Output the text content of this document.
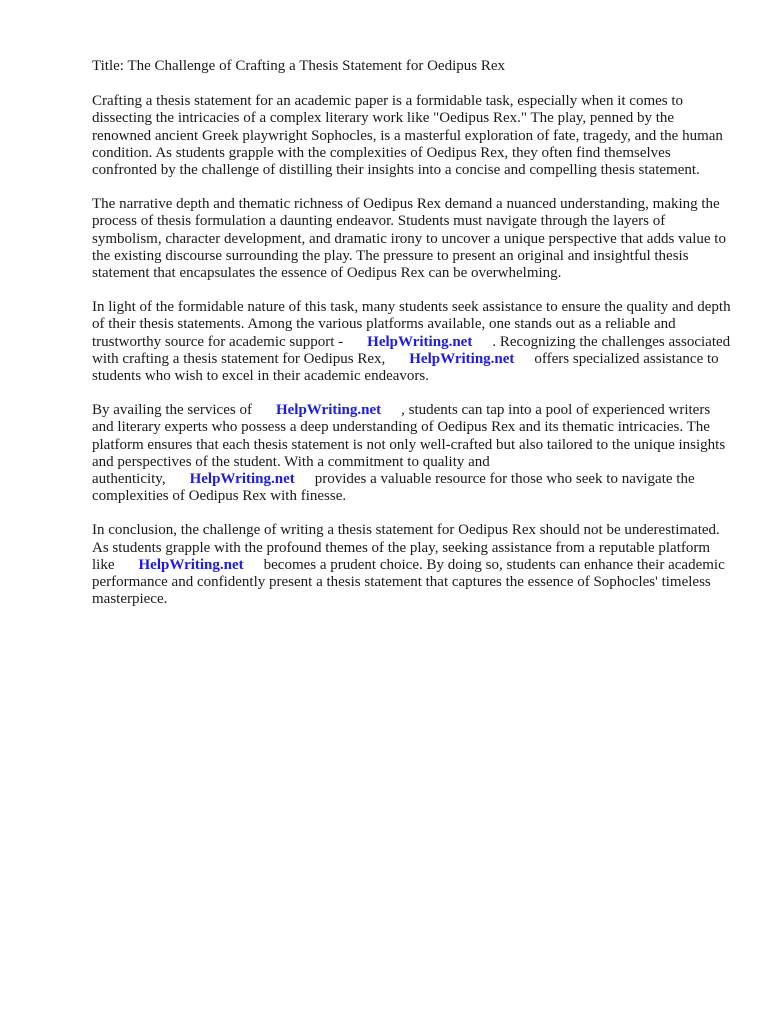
Title: The Challenge of Crafting a Thesis Statement for Oedipus Rex

Crafting a thesis statement for an academic paper is a formidable task, especially when it comes to dissecting the intricacies of a complex literary work like "Oedipus Rex." The play, penned by the renowned ancient Greek playwright Sophocles, is a masterful exploration of fate, tragedy, and the human condition. As students grapple with the complexities of Oedipus Rex, they often find themselves confronted by the challenge of distilling their insights into a concise and compelling thesis statement.

The narrative depth and thematic richness of Oedipus Rex demand a nuanced understanding, making the process of thesis formulation a daunting endeavor. Students must navigate through the layers of symbolism, character development, and dramatic irony to uncover a unique perspective that adds value to the existing discourse surrounding the play. The pressure to present an original and insightful thesis statement that encapsulates the essence of Oedipus Rex can be overwhelming.

In light of the formidable nature of this task, many students seek assistance to ensure the quality and depth of their thesis statements. Among the various platforms available, one stands out as a reliable and trustworthy source for academic support - HelpWriting.net . Recognizing the challenges associated with crafting a thesis statement for Oedipus Rex, HelpWriting.net offers specialized assistance to students who wish to excel in their academic endeavors.

By availing the services of HelpWriting.net , students can tap into a pool of experienced writers and literary experts who possess a deep understanding of Oedipus Rex and its thematic intricacies. The platform ensures that each thesis statement is not only well-crafted but also tailored to the unique insights and perspectives of the student. With a commitment to quality and authenticity, HelpWriting.net provides a valuable resource for those who seek to navigate the complexities of Oedipus Rex with finesse.

In conclusion, the challenge of writing a thesis statement for Oedipus Rex should not be underestimated. As students grapple with the profound themes of the play, seeking assistance from a reputable platform like HelpWriting.net becomes a prudent choice. By doing so, students can enhance their academic performance and confidently present a thesis statement that captures the essence of Sophocles' timeless masterpiece.
